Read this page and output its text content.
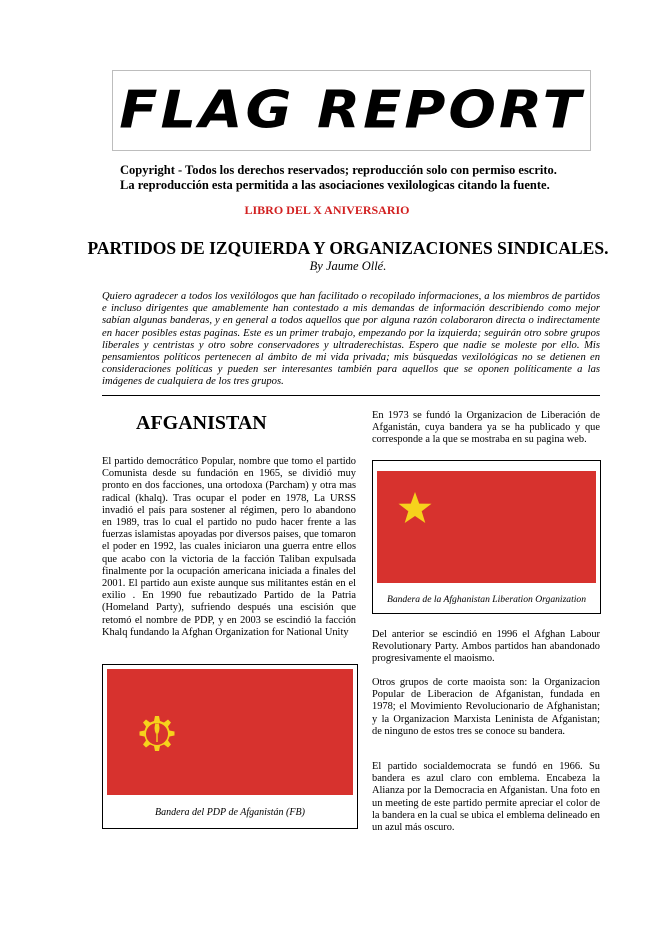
FLAG REPORT
Copyright - Todos los derechos reservados; reproducción solo con permiso escrito.
La reproducción esta permitida a las asociaciones vexilologicas citando la fuente.
LIBRO DEL X ANIVERSARIO
PARTIDOS DE IZQUIERDA Y ORGANIZACIONES SINDICALES.
By Jaume Ollé.
Quiero agradecer a todos los vexilólogos que han facilitado o recopilado informaciones, a los miembros de partidos e incluso dirigentes que amablemente han contestado a mis demandas de información describiendo como mejor sabían algunas banderas, y en general a todos aquellos que por alguna razón colaboraron directa o indirectamente en hacer posibles estas paginas. Este es un primer trabajo, empezando por la izquierda; seguirán otro sobre grupos liberales y centristas y otro sobre conservadores y ultraderechistas. Espero que nadie se moleste por ello. Mis pensamientos políticos pertenecen al ámbito de mi vida privada; mis búsquedas vexilológicas no se detienen en consideraciones políticas y pueden ser interesantes también para aquellos que se oponen políticamente a las imágenes de cualquiera de los tres grupos.
AFGANISTAN
El partido democrático Popular, nombre que tomo el partido Comunista desde su fundación en 1965, se dividió muy pronto en dos facciones, una ortodoxa (Parcham) y otra mas radical (khalq). Tras ocupar el poder en 1978, La URSS invadió el país para sostener al régimen, pero lo abandono en 1989, tras lo cual el partido no pudo hacer frente a las fuerzas islamistas apoyadas por diversos paises, que tomaron el poder en 1992, las cuales iniciaron una guerra entre ellos que acabo con la victoria de la facción Taliban expulsada finalmente por la ocupación americana iniciada a finales del 2001. El partido aun existe aunque sus militantes están en el exilio . En 1990 fue rebautizado Partido de la Patria (Homeland Party), sufriendo después una escisión que retomó el nombre de PDP, y en 2003 se escindió la facción Khalq fundando la Afghan Organization for National Unity
Bandera del PDP de Afganistán (FB)
En 1973 se fundó la Organizacion de Liberación de Afganistán, cuya bandera ya se ha publicado y que corresponde a la que se mostraba en su pagina web.
Bandera de la Afghanistan Liberation Organization
Del anterior se escindió en 1996 el Afghan Labour Revolutionary Party. Ambos partidos han abandonado progresivamente el maoismo.
Otros grupos de corte maoista son: la Organizacion Popular de Liberacion de Afganistan, fundada en 1978; el Movimiento Revolucionario de Afghanistan; y la Organizacion Marxista Leninista de Afganistan; de ninguno de estos tres se conoce su bandera.
El partido socialdemocrata se fundó en 1966. Su bandera es azul claro con emblema. Encabeza la Alianza por la Democracia en Afganistan. Una foto en un meeting de este partido permite apreciar el color de la bandera en la cual se ubica el emblema delineado en un azul más oscuro.
